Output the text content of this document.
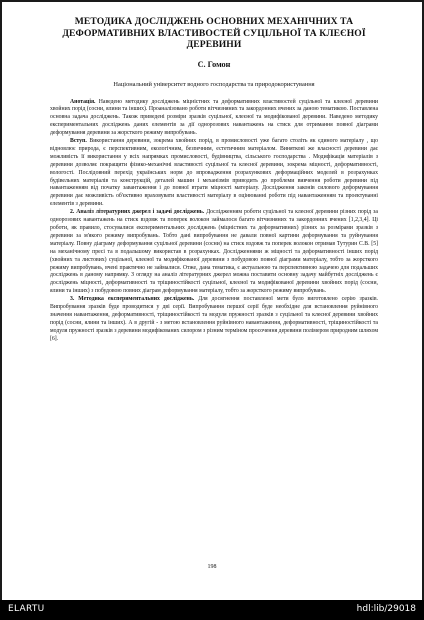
МЕТОДИКА ДОСЛІДЖЕНЬ ОСНОВНИХ МЕХАНІЧНИХ ТА ДЕФОРМАТИВНИХ ВЛАСТИВОСТЕЙ СУЦІЛЬНОЇ ТА КЛЕЄНОЇ ДЕРЕВИНИ
С. Гомон
Національний університет водного господарства та природокористування

Анотація. Наведено методику досліджень міцністних та деформативних властивостей суцільної та клеєної деревини хвойних порід (сосни, ялини та інших). Проаналізовано роботи вітчизняних та закордонних вчених за даною тематикою. Поставлена основна задача досліджень. Також приведені розміри зразків суцільної, клеєної та модифікованої деревини. Наведено методику експериментальних досліджень даних елементів за дії однорозових навантажень на стиск для отримання повної діаграми деформування деревини за жорсткого режиму випробувань.

Вступ. Використання деревини, зокрема хвойних порід, в промисловості уже багато століть як єдиного матеріалу , що відновлює природа, є перспективним, екологічним, безпечним, естетичним матеріалом. Виняткові же власності деревини дає можливість її використання у всіх напрямках промисловості, будівництва, сільського господарства . Модифікація матеріалів з деревини дозволяє покращити фізико-механічні властивості суцільної та клеєної деревини, зокрема міцності, деформативності, вологості. Послідовний перехід українських норм до впровадження розрахункових деформаційних моделей в розрахунках будівельних матеріалів та конструкцій, деталей машин і механізмів приводить до проблеми вивчення роботи деревини під навантаженням від початку завантаження і до повної втрати міцності матеріалу. Дослідження законів силового деформування деревини дає можливість об'єктивно враховувати властивості матеріалу в оцінюванні роботи під навантаженням та проектуванні елементів з деревини.

2. Аналіз літературних джерел і задачі досліджень. Дослідженням роботи суцільної та клеєної деревини різних порід за однорозових навантажень на стиск вздовж та поперек волокон займалося багато вітчизняних та закордонних вчених [1,2,3,4]. Ці роботи, як правило, стосувалися експериментальних досліджень (міцністних та деформативних) різних за розмірами зразків з деревини за м'якого режиму випробувань. Тобто дані випробування не давали повної картини деформування та руйнування матеріалу. Повну діаграму деформування суцільної деревини (сосни) на стиск вздовж та поперек волокон отримав Тутурин С.В. [5] на механічному пресі та в подальшому використав в розрахунках. Дослідженнями ж міцності та деформативності інших порід (хвойних та листових) суцільної, клеєної та модифікованої деревини з побудовою повної діаграми матеріалу, тобто за жорсткого режиму випробувань, вчені практично не займалися. Отже, дана тематика, є актуальною та перспективною задачею для подальших досліджень в даному напрямку. З огляду на аналіз літературних джерел можна поставити основну задачу майбутніх досліджень є досліджень міцності, деформативності та тріщиностійкості суцільної, клеєної та модифікованої деревини хвойних порід (сосни, ялини та інших) з побудовою повних діаграм деформування матеріалу, тобто за жорсткого режиму випробувань.

3. Методика експериментальних досліджень. Для досягнення поставленої мети було виготовлено серію зразків. Випробування зразків буде проводитися у дві серії. Випробування першої серії буде необхідне для встановлення руйнівного значення навантаження, деформативності, тріщиностійкості та модуля пружності зразків з суцільної та клеєної деревини хвойних порід (сосни, ялини та інших). А в другій - з метою встановлення руйнівного навантаження, деформативності, тріщиностійкості та модуля пружності зразків з деревини модифікованих силором з різним терміном просочення деревини полімером природним шляхом [6].

198
ELARTU	hdl:lib/29018
